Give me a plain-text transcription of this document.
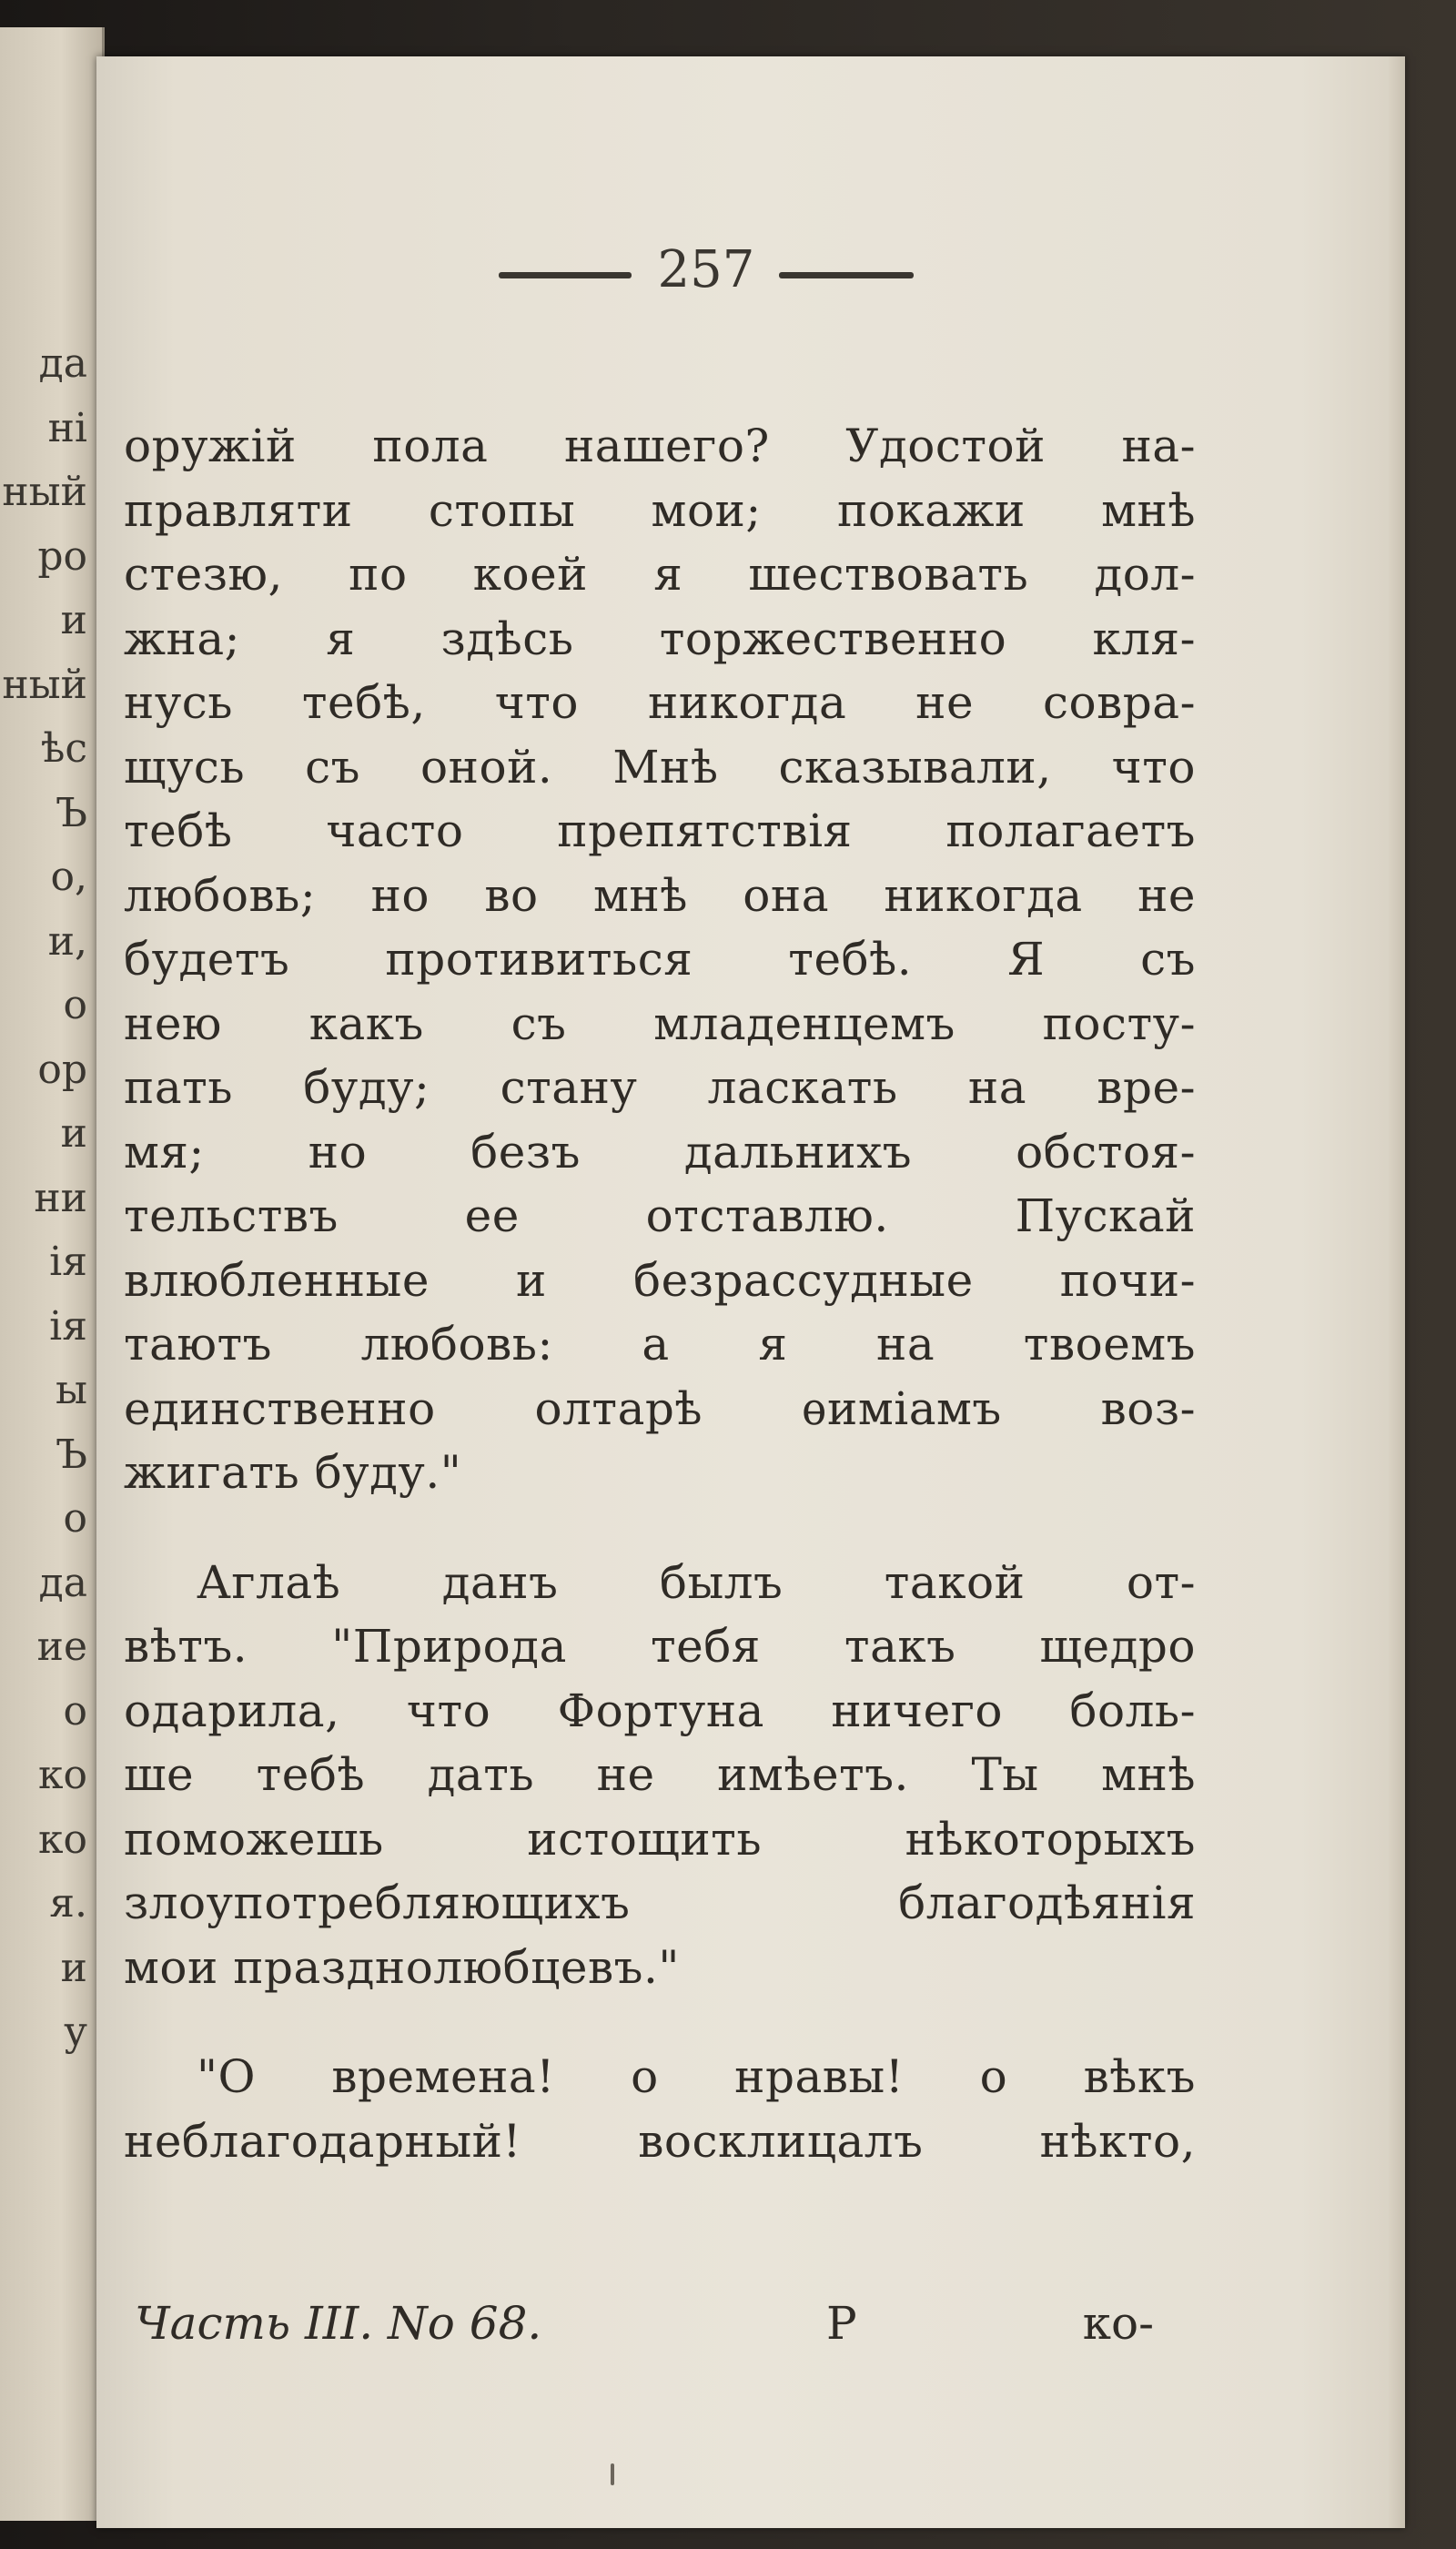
да
ні
ный
ро
и
ный
ѣс
Ъ
о,
и,
о
ор
и
ни
ія
ія
ы
Ъ
о
да
ие
о
ко
ко
я.
и
у
257
оружій пола нашего? Удостой на-
правляти стопы мои; покажи мнѣ
стезю, по коей я шествовать дол-
жна; я здѣсь торжественно кля-
нусь тебѣ, что никогда не совра-
щусь съ оной. Мнѣ сказывали, что
тебѣ часто препятствія полагаетъ
любовь; но во мнѣ она никогда не
будетъ противиться тебѣ. Я съ
нею какъ съ младенцемъ посту-
пать буду; стану ласкать на вре-
мя; но безъ дальнихъ обстоя-
тельствъ ее отставлю. Пускай
влюбленные и безрассудные почи-
таютъ любовь: а я на твоемъ
единственно олтарѣ ѳиміамъ воз-
жигать буду."
Аглаѣ данъ былъ такой от-
вѣтъ. "Природа тебя такъ щедро
одарила, что Фортуна ничего боль-
ше тебѣ дать не имѣетъ. Ты мнѣ
поможешь истощить нѣкоторыхъ
злоупотребляющихъ благодѣянія
мои празднолюбцевъ."
"О времена! о нравы! о вѣкъ
неблагодарный! восклицалъ нѣкто,
Часть III. No 68.	Р	ко-
